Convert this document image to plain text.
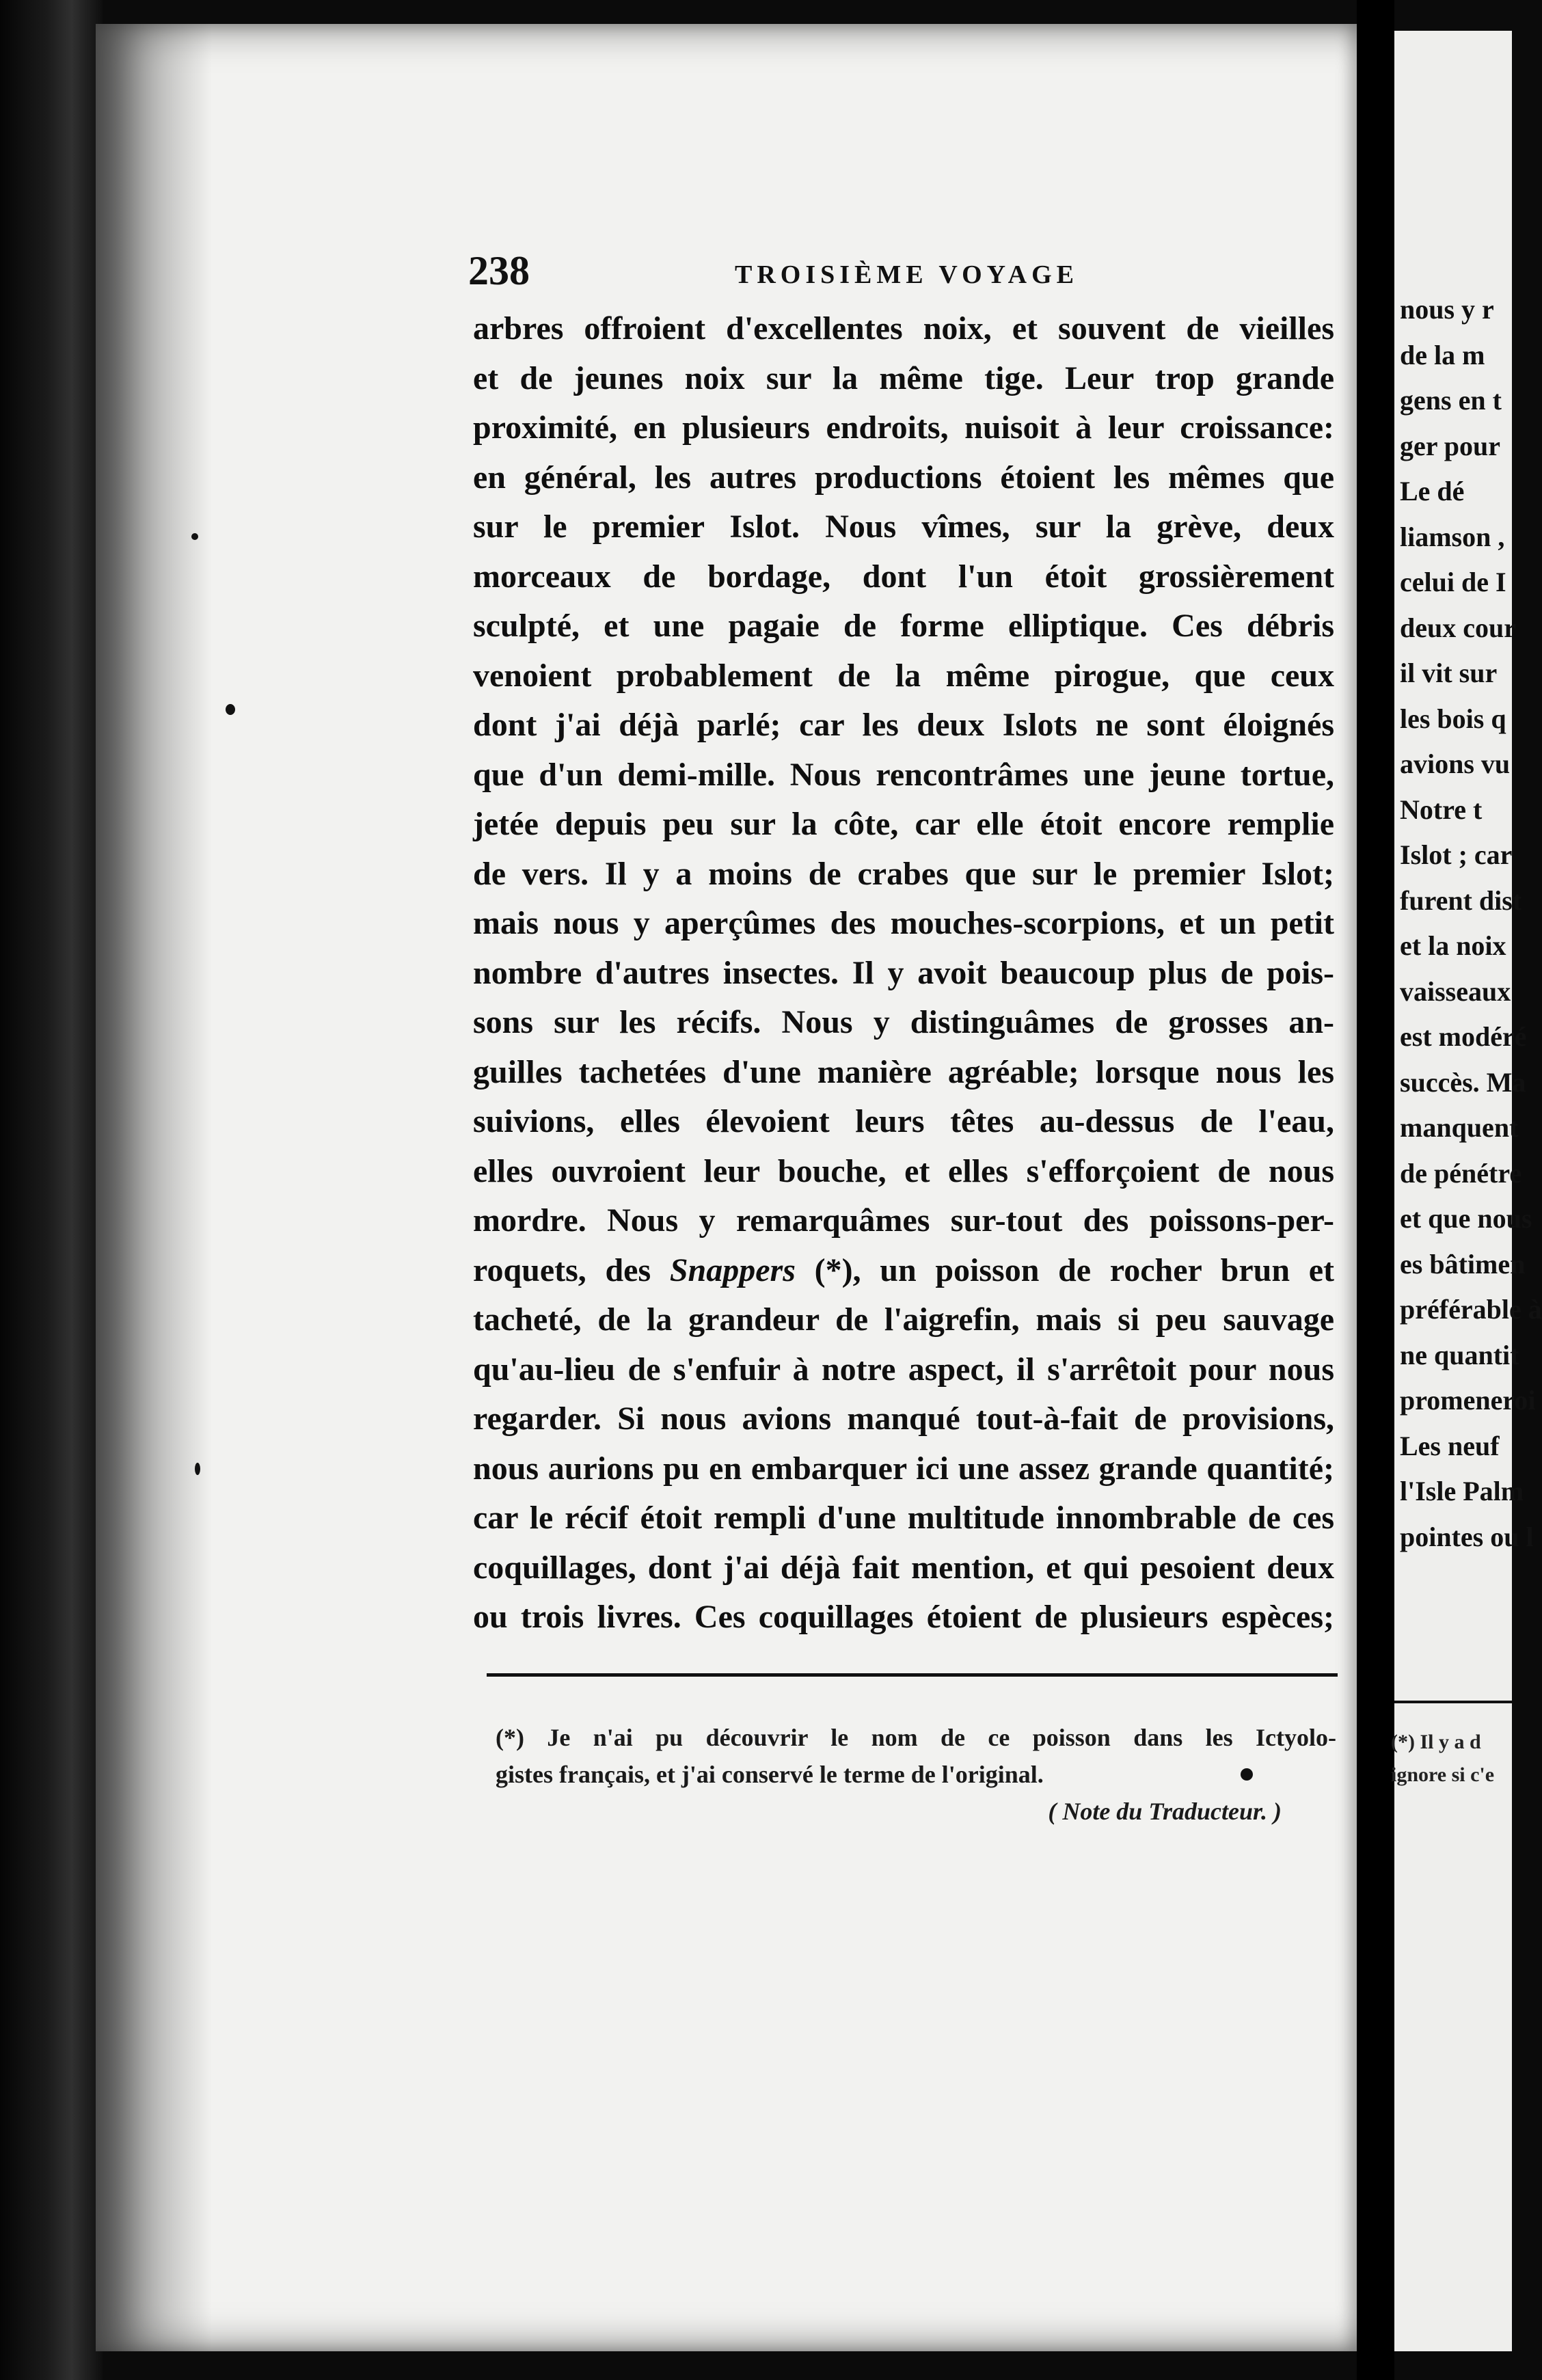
238	TROISIÈME VOYAGE
arbres offroient d'excellentes noix, et souvent de vieilles
et de jeunes noix sur la même tige. Leur trop grande
proximité, en plusieurs endroits, nuisoit à leur croissance:
en général, les autres productions étoient les mêmes que
sur le premier Islot. Nous vîmes, sur la grève, deux
morceaux de bordage, dont l'un étoit grossièrement
sculpté, et une pagaie de forme elliptique. Ces débris
venoient probablement de la même pirogue, que ceux
dont j'ai déjà parlé; car les deux Islots ne sont éloignés
que d'un demi-mille. Nous rencontrâmes une jeune tortue,
jetée depuis peu sur la côte, car elle étoit encore remplie
de vers. Il y a moins de crabes que sur le premier Islot;
mais nous y aperçûmes des mouches-scorpions, et un petit
nombre d'autres insectes. Il y avoit beaucoup plus de pois-
sons sur les récifs. Nous y distinguâmes de grosses an-
guilles tachetées d'une manière agréable; lorsque nous les
suivions, elles élevoient leurs têtes au-dessus de l'eau,
elles ouvroient leur bouche, et elles s'efforçoient de nous
mordre. Nous y remarquâmes sur-tout des poissons-per-
roquets, des Snappers (*), un poisson de rocher brun et
tacheté, de la grandeur de l'aigrefin, mais si peu sauvage
qu'au-lieu de s'enfuir à notre aspect, il s'arrêtoit pour nous
regarder. Si nous avions manqué tout-à-fait de provisions,
nous aurions pu en embarquer ici une assez grande quantité;
car le récif étoit rempli d'une multitude innombrable de ces
coquillages, dont j'ai déjà fait mention, et qui pesoient deux
ou trois livres. Ces coquillages étoient de plusieurs espèces;
(*) Je n'ai pu découvrir le nom de ce poisson dans les Ictyolo-
gistes français, et j'ai conservé le terme de l'original.
( Note du Traducteur. )
nous y r
de la m
gens en t
ger pour
Le dé
liamson ,
celui de I
deux cour
il vit sur
les bois q
avions vu
Notre t
Islot ; car
furent dist
et la noix
vaisseaux
est modéré
succès. Ma
manquent
de pénétre
et que nous
es bâtimen
préférable à
ne quantit
promeneroi
Les neuf
l'Isle Palm
pointes ou l
(*) Il y a d
ignore si c'e
